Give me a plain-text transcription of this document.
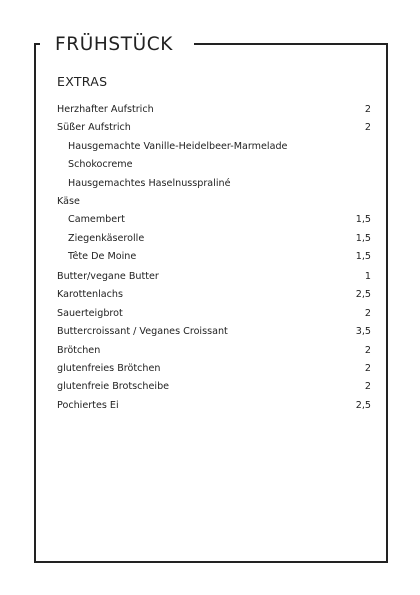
FRÜHSTÜCK
EXTRAS
Herzhafter Aufstrich	2
Süßer Aufstrich	2
Hausgemachte Vanille-Heidelbeer-Marmelade
Schokocreme
Hausgemachtes Haselnusspraliné
Käse
Camembert	1,5
Ziegenkäserolle	1,5
Tête De Moine	1,5
Butter/vegane Butter	1
Karottenlachs	2,5
Sauerteigbrot	2
Buttercroissant / Veganes Croissant	3,5
Brötchen	2
glutenfreies Brötchen	2
glutenfreie Brotscheibe	2
Pochiertes Ei	2,5
